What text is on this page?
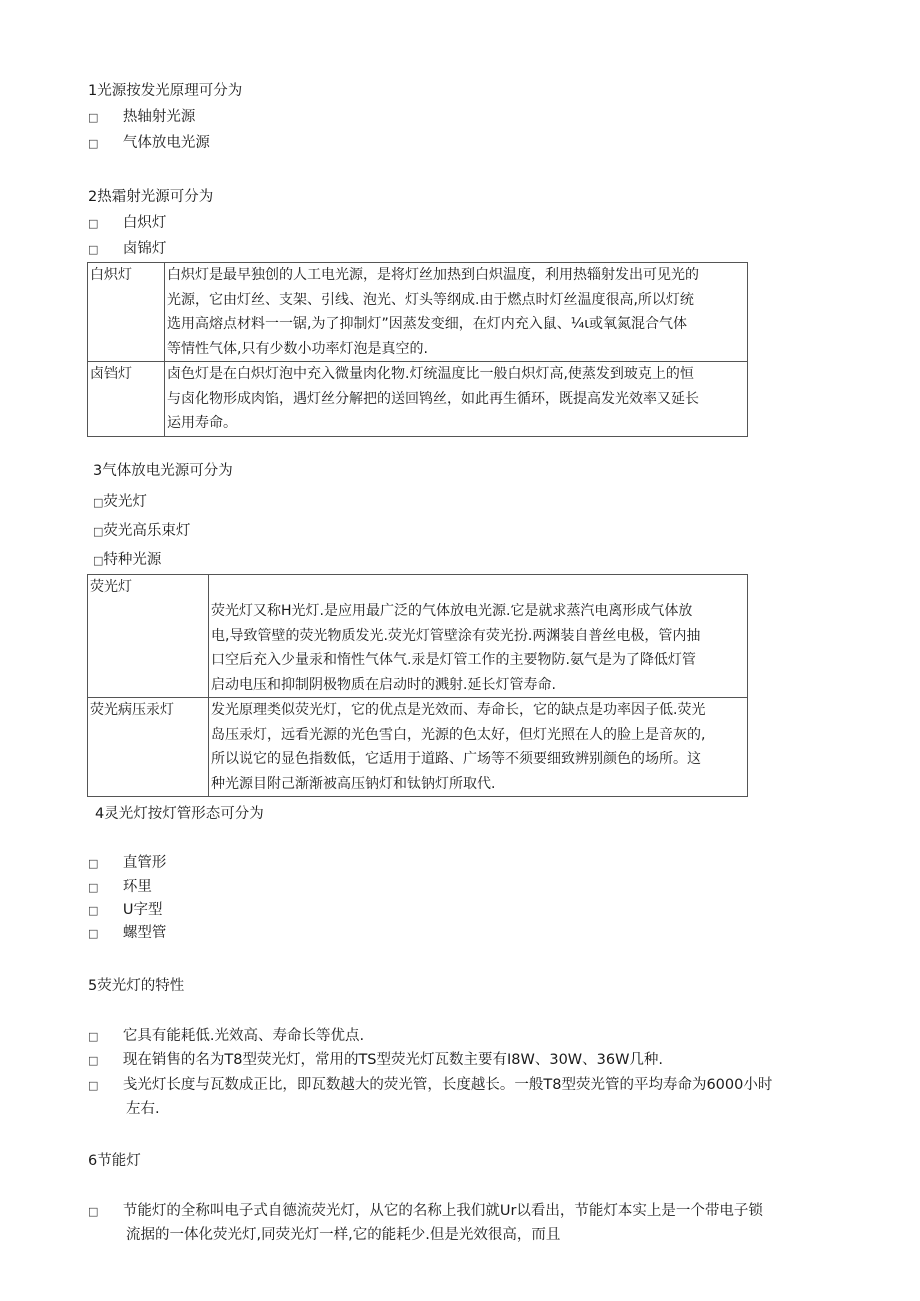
1光源按发光原理可分为
□ 热轴射光源
□ 气体放电光源
2热霜射光源可分为
□ 白炽灯
□ 卤锦灯
白炽灯	白炽灯是最早独创的人工电光源，是将灯丝加热到白炽温度，利用热辎射发出可见光的
光源，它由灯丝、支架、引线、泡光、灯头等纲成.由于燃点时灯丝温度很高,所以灯统
选用高熔点材料一一锯,为了抑制灯”因蒸发变细，在灯内充入鼠、¼ι或氧氮混合气体
等情性气体,只有少数小功率灯泡是真空的.

卤铛灯	卤色灯是在白炽灯泡中充入微量肉化物.灯统温度比一般白炽灯高,使蒸发到玻克上的恒
与卤化物形成肉馅，遇灯丝分解把的送回鸨丝，如此再生循环，既提高发光效率又延长
运用寿命。
3气体放电光源可分为
□荧光灯
□荧光高乐束灯
□特种光源
荧光灯	荧光灯又称H光灯.是应用最广泛的气体放电光源.它是就求蒸汽电离形成气体放
电,导致管壁的荧光物质发光.荧光灯管壁涂有荧光扮.两渊装自普丝电极，管内抽
口空后充入少量汞和惰性气体气.汞是灯管工作的主要物防.氨气是为了降低灯管
启动电压和抑制阴极物质在启动时的溅射.延长灯管寿命.

荧光病压汞灯	发光原理类似荧光灯，它的优点是光效而、寿命长，它的缺点是功率因子低.荧光
岛压汞灯，远看光源的光色雪白，光源的色太好，但灯光照在人的脸上是音灰的,
所以说它的显色指数低，它适用于道路、广场等不须要细致辨别颜色的场所。这
种光源目附己渐渐被高压钠灯和钛钠灯所取代.
4灵光灯按灯管形态可分为
□ 直管形
□ 环里
□ U字型
□ 螺型管
5荧光灯的特性
□ 它具有能耗低.光效高、寿命长等优点.
□ 现在销售的名为T8型荧光灯，常用的TS型荧光灯瓦数主要有I8W、30W、36W几种.
□ 戋光灯长度与瓦数成正比，即瓦数越大的荧光管，长度越长。一般T8型荧光管的平均寿命为6000小时
左右.
6节能灯
□ 节能灯的全称叫电子式自德流荧光灯，从它的名称上我们就Ur以看出，节能灯本实上是一个带电子锁
流据的一体化荧光灯,同荧光灯一样,它的能耗少.但是光效很高，而且
